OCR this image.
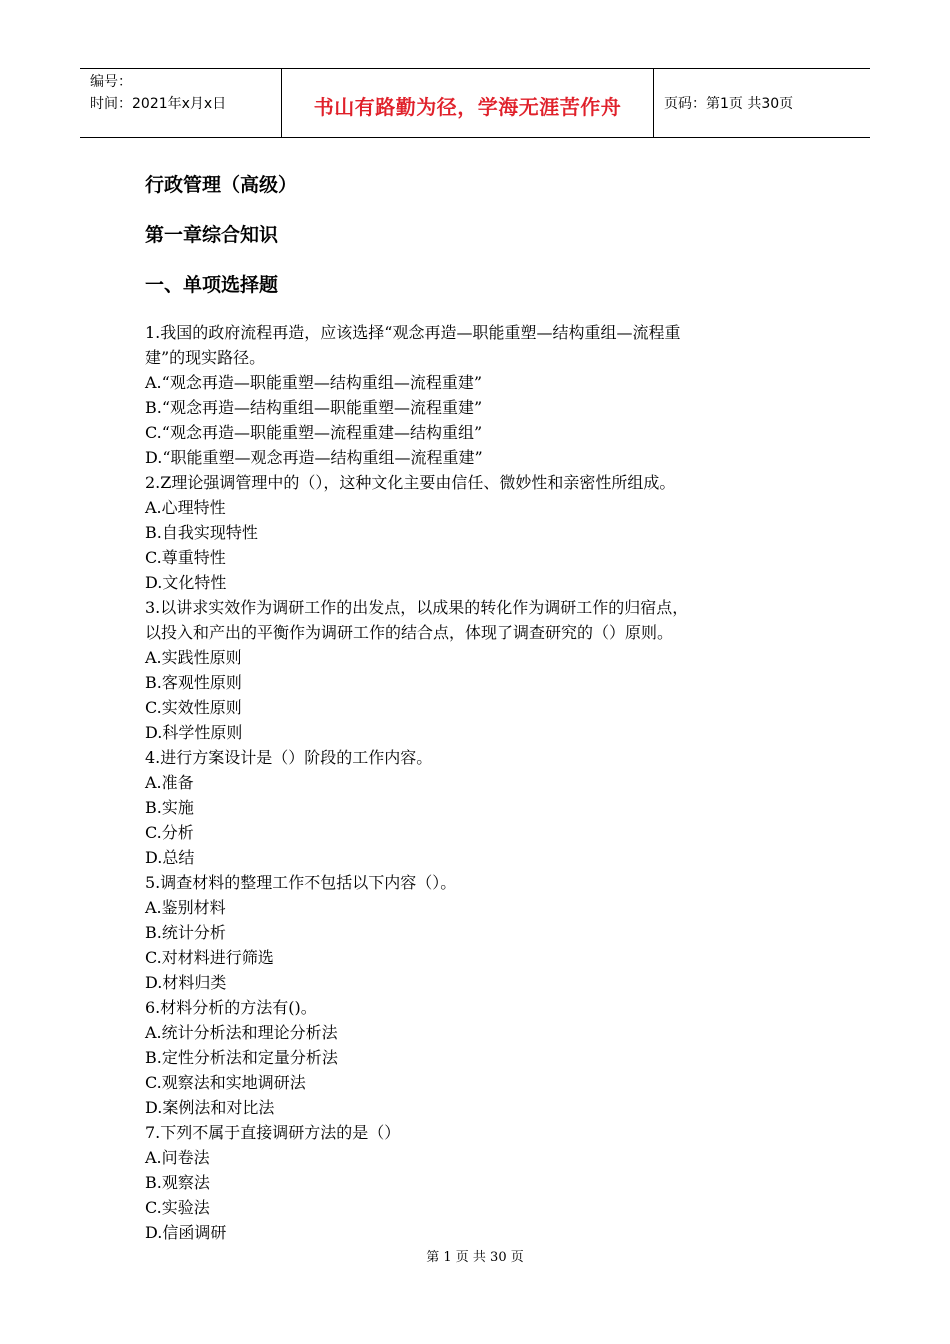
编号：
时间：2021年x月x日	书山有路勤为径，学海无涯苦作舟	页码：第1页 共30页
行政管理（高级）
第一章综合知识
一、单项选择题
1.我国的政府流程再造，应该选择“观念再造—职能重塑—结构重组—流程重
建”的现实路径。
A.“观念再造—职能重塑—结构重组—流程重建”
B.“观念再造—结构重组—职能重塑—流程重建”
C.“观念再造—职能重塑—流程重建—结构重组”
D.“职能重塑—观念再造—结构重组—流程重建”
2.Z理论强调管理中的（），这种文化主要由信任、微妙性和亲密性所组成。
A.心理特性
B.自我实现特性
C.尊重特性
D.文化特性
3.以讲求实效作为调研工作的出发点，以成果的转化作为调研工作的归宿点，
以投入和产出的平衡作为调研工作的结合点，体现了调查研究的（）原则。
A.实践性原则
B.客观性原则
C.实效性原则
D.科学性原则
4.进行方案设计是（）阶段的工作内容。
A.准备
B.实施
C.分析
D.总结
5.调查材料的整理工作不包括以下内容（）。
A.鉴别材料
B.统计分析
C.对材料进行筛选
D.材料归类
6.材料分析的方法有()。
A.统计分析法和理论分析法
B.定性分析法和定量分析法
C.观察法和实地调研法
D.案例法和对比法
7.下列不属于直接调研方法的是（）
A.问卷法
B.观察法
C.实验法
D.信函调研
第 1 页 共 30 页
